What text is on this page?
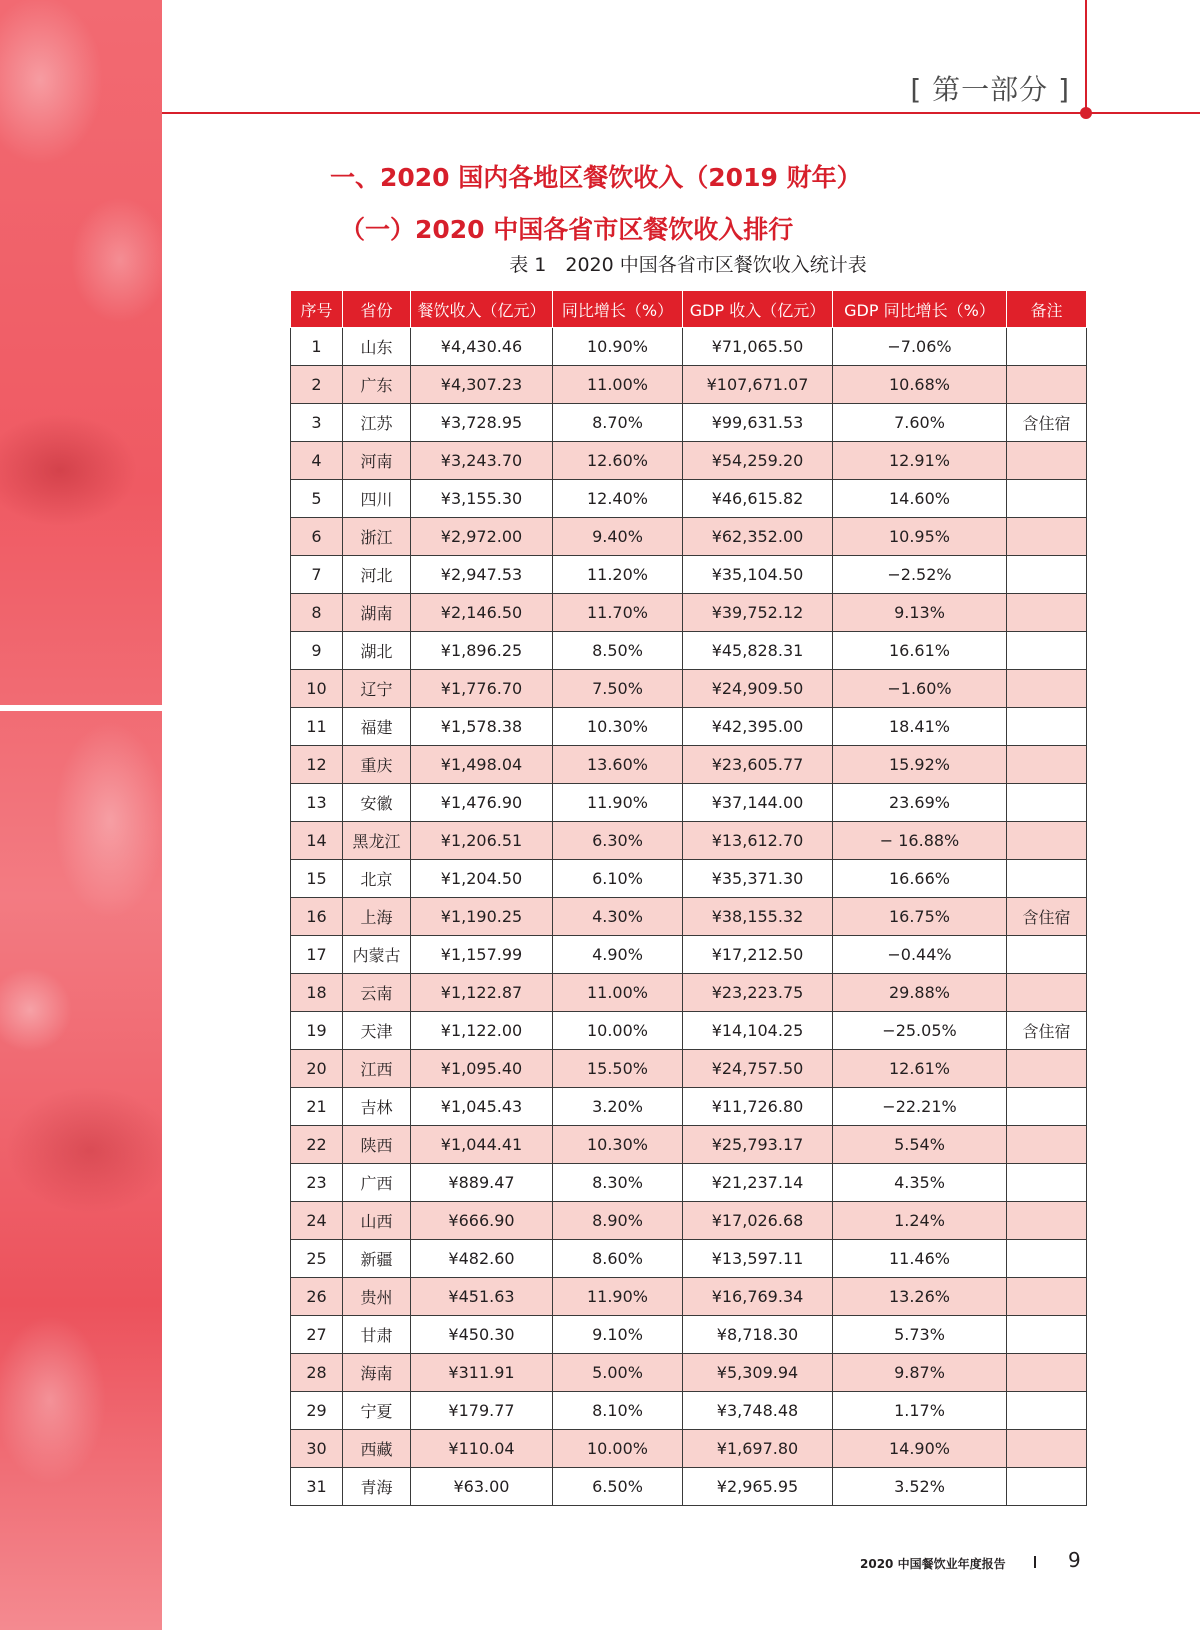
[ 第一部分 ]
一、2020 国内各地区餐饮收入（2019 财年）
（一）2020 中国各省市区餐饮收入排行
表 1　2020 中国各省市区餐饮收入统计表
序号	省份	餐饮收入（亿元）	同比增长（%）	GDP 收入（亿元）	GDP 同比增长（%）	备注
1	山东	¥4,430.46	10.90%	¥71,065.50	−7.06%	
2	广东	¥4,307.23	11.00%	¥107,671.07	10.68%	
3	江苏	¥3,728.95	8.70%	¥99,631.53	7.60%	含住宿
4	河南	¥3,243.70	12.60%	¥54,259.20	12.91%	
5	四川	¥3,155.30	12.40%	¥46,615.82	14.60%	
6	浙江	¥2,972.00	9.40%	¥62,352.00	10.95%	
7	河北	¥2,947.53	11.20%	¥35,104.50	−2.52%	
8	湖南	¥2,146.50	11.70%	¥39,752.12	9.13%	
9	湖北	¥1,896.25	8.50%	¥45,828.31	16.61%	
10	辽宁	¥1,776.70	7.50%	¥24,909.50	−1.60%	
11	福建	¥1,578.38	10.30%	¥42,395.00	18.41%	
12	重庆	¥1,498.04	13.60%	¥23,605.77	15.92%	
13	安徽	¥1,476.90	11.90%	¥37,144.00	23.69%	
14	黑龙江	¥1,206.51	6.30%	¥13,612.70	− 16.88%	
15	北京	¥1,204.50	6.10%	¥35,371.30	16.66%	
16	上海	¥1,190.25	4.30%	¥38,155.32	16.75%	含住宿
17	内蒙古	¥1,157.99	4.90%	¥17,212.50	−0.44%	
18	云南	¥1,122.87	11.00%	¥23,223.75	29.88%	
19	天津	¥1,122.00	10.00%	¥14,104.25	−25.05%	含住宿
20	江西	¥1,095.40	15.50%	¥24,757.50	12.61%	
21	吉林	¥1,045.43	3.20%	¥11,726.80	−22.21%	
22	陕西	¥1,044.41	10.30%	¥25,793.17	5.54%	
23	广西	¥889.47	8.30%	¥21,237.14	4.35%	
24	山西	¥666.90	8.90%	¥17,026.68	1.24%	
25	新疆	¥482.60	8.60%	¥13,597.11	11.46%	
26	贵州	¥451.63	11.90%	¥16,769.34	13.26%	
27	甘肃	¥450.30	9.10%	¥8,718.30	5.73%	
28	海南	¥311.91	5.00%	¥5,309.94	9.87%	
29	宁夏	¥179.77	8.10%	¥3,748.48	1.17%	
30	西藏	¥110.04	10.00%	¥1,697.80	14.90%	
31	青海	¥63.00	6.50%	¥2,965.95	3.52%	
2020 中国餐饮业年度报告	9
